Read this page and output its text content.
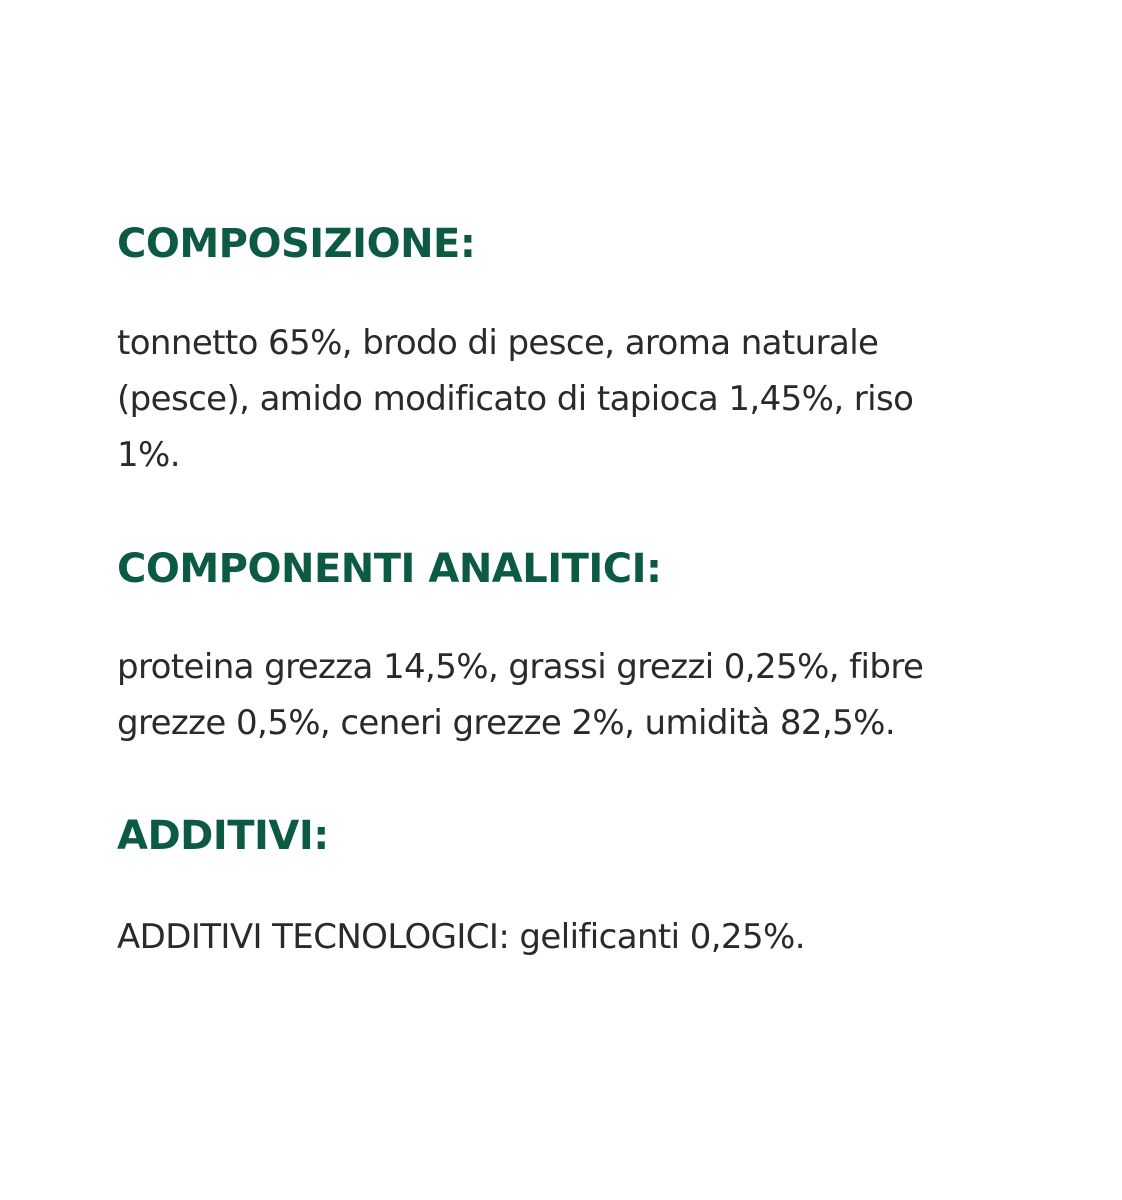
COMPOSIZIONE:
tonnetto 65%, brodo di pesce, aroma naturale
(pesce), amido modificato di tapioca 1,45%, riso
1%.
COMPONENTI ANALITICI:
proteina grezza 14,5%, grassi grezzi 0,25%, fibre
grezze 0,5%, ceneri grezze 2%, umidità 82,5%.
ADDITIVI:
ADDITIVI TECNOLOGICI: gelificanti 0,25%.
